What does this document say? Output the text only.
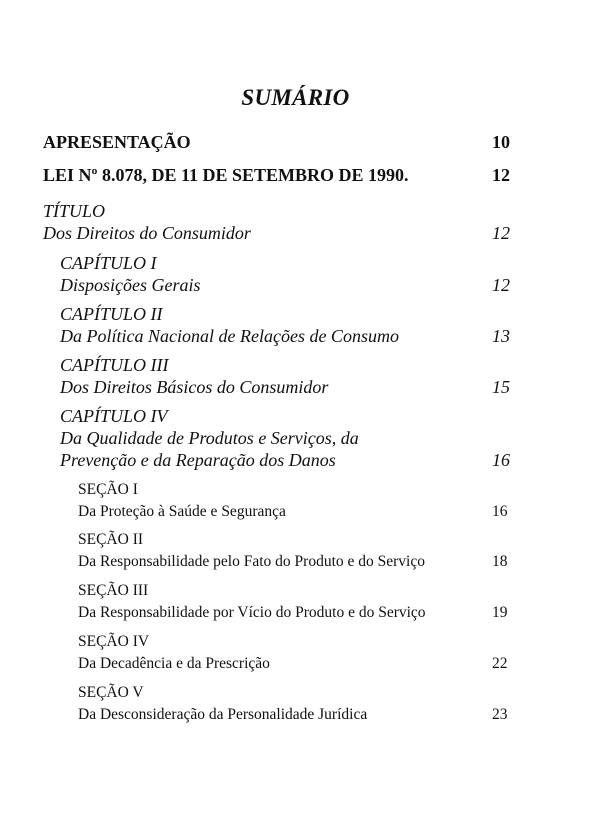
SUMÁRIO
APRESENTAÇÃO	10
LEI Nº 8.078, DE 11 DE SETEMBRO DE 1990.	12
TÍTULO
Dos Direitos do Consumidor	12
CAPÍTULO I
Disposições Gerais	12
CAPÍTULO II
Da Política Nacional de Relações de Consumo	13
CAPÍTULO III
Dos Direitos Básicos do Consumidor	15
CAPÍTULO IV
Da Qualidade de Produtos e Serviços, da
Prevenção e da Reparação dos Danos	16
SEÇÃO I
Da Proteção à Saúde e Segurança	16
SEÇÃO II
Da Responsabilidade pelo Fato do Produto e do Serviço	18
SEÇÃO III
Da Responsabilidade por Vício do Produto e do Serviço	19
SEÇÃO IV
Da Decadência e da Prescrição	22
SEÇÃO V
Da Desconsideração da Personalidade Jurídica	23
